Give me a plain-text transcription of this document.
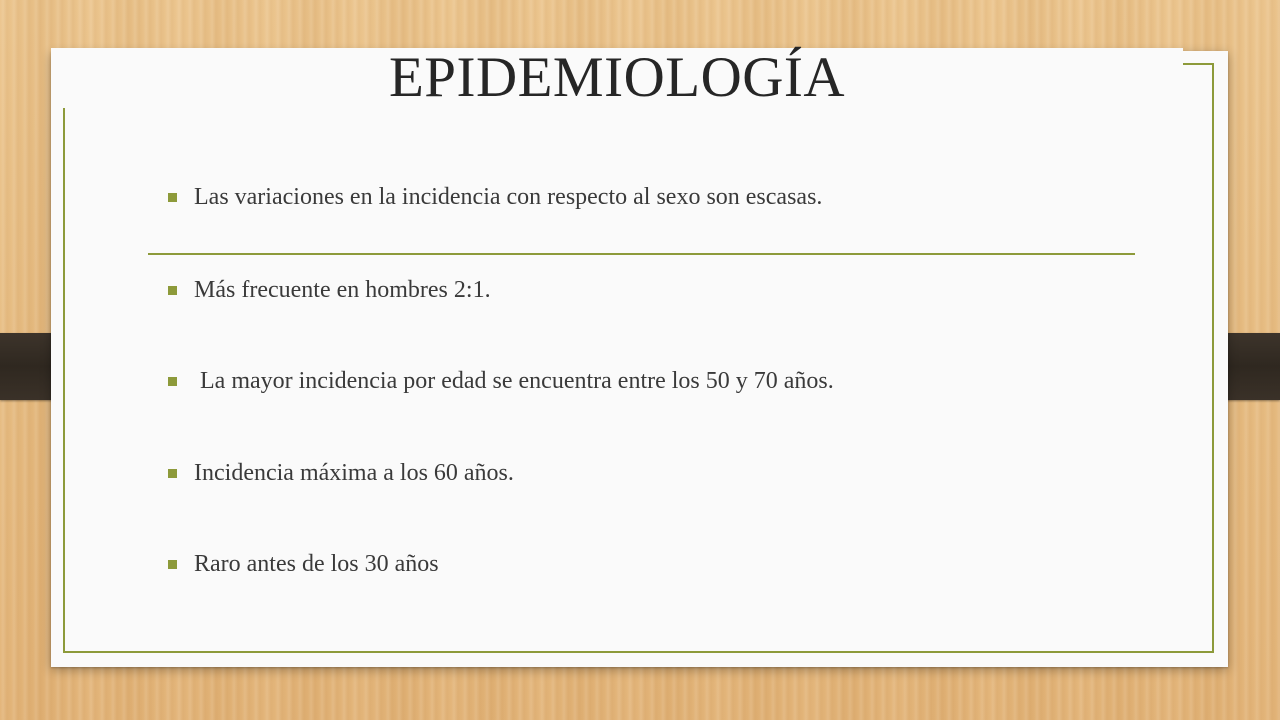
EPIDEMIOLOGÍA
Las variaciones en la incidencia con respecto al sexo son escasas.
Más frecuente en hombres 2:1.
La mayor incidencia por edad se encuentra entre los 50 y 70 años.
Incidencia máxima a los 60 años.
Raro antes de los 30 años
